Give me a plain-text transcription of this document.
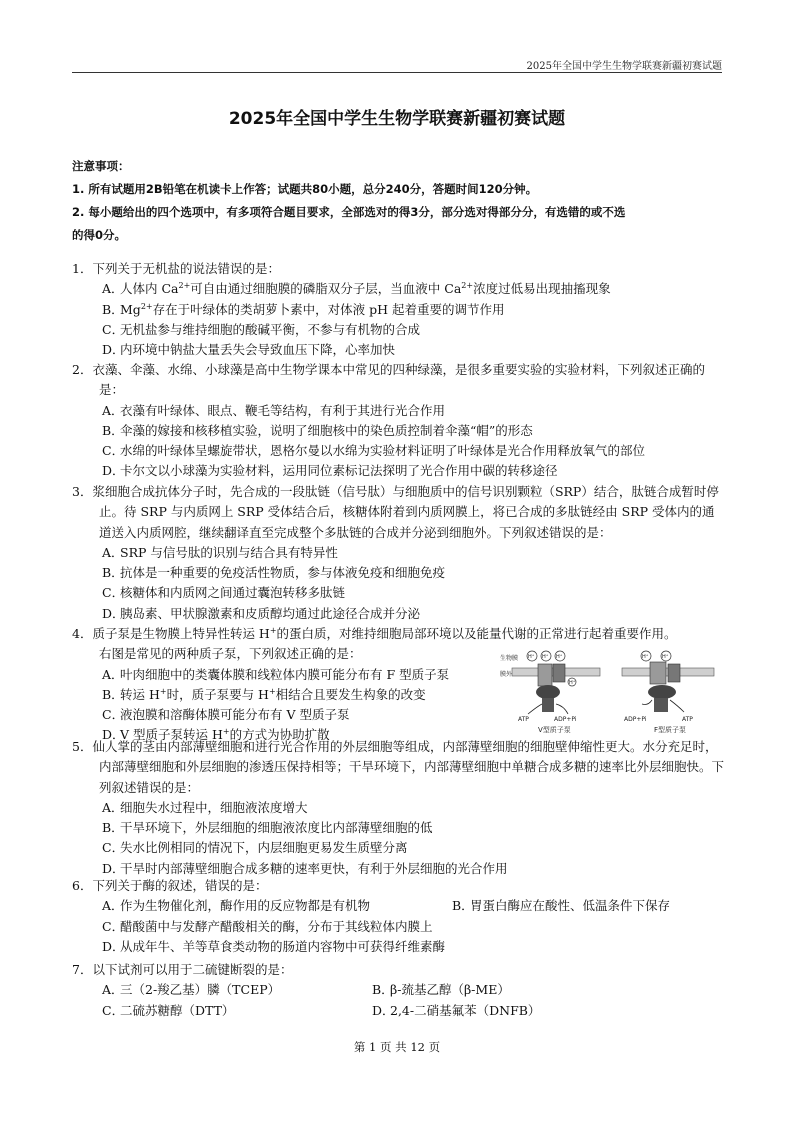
2025年全国中学生生物学联赛新疆初赛试题
2025年全国中学生生物学联赛新疆初赛试题
注意事项：
1. 所有试题用2B铅笔在机读卡上作答；试题共80小题，总分240分，答题时间120分钟。
2. 每小题给出的四个选项中，有多项符合题目要求，全部选对的得3分，部分选对得部分分，有选错的或不选
的得0分。
1．下列关于无机盐的说法错误的是：
A．人体内 $Ca^{2+}$可自由通过细胞膜的磷脂双分子层，当血液中 $Ca^{2+}$浓度过低易出现抽搐现象
B．$Mg^{2+}$存在于叶绿体的类胡萝卜素中，对体液 pH 起着重要的调节作用
C．无机盐参与维持细胞的酸碱平衡，不参与有机物的合成
D．内环境中钠盐大量丢失会导致血压下降，心率加快
2．衣藻、伞藻、水绵、小球藻是高中生物学课本中常见的四种绿藻，是很多重要实验的实验材料，下列叙述正确的是：
A．衣藻有叶绿体、眼点、鞭毛等结构，有利于其进行光合作用
B．伞藻的嫁接和核移植实验，说明了细胞核中的染色质控制着伞藻“帽”的形态
C．水绵的叶绿体呈螺旋带状，恩格尔曼以水绵为实验材料证明了叶绿体是光合作用释放氧气的部位
D．卡尔文以小球藻为实验材料，运用同位素标记法探明了光合作用中碳的转移途径
3．浆细胞合成抗体分子时，先合成的一段肽链（信号肽）与细胞质中的信号识别颗粒（SRP）结合，肽链合成暂时停止。待 SRP 与内质网上 SRP 受体结合后，核糖体附着到内质网膜上，将已合成的多肽链经由 SRP 受体内的通道送入内质网腔，继续翻译直至完成整个多肽链的合成并分泌到细胞外。下列叙述错误的是：
A．SRP 与信号肽的识别与结合具有特异性
B．抗体是一种重要的免疫活性物质，参与体液免疫和细胞免疫
C．核糖体和内质网之间通过囊泡转移多肽链
D．胰岛素、甲状腺激素和皮质醇均通过此途径合成并分泌
4．质子泵是生物膜上特异性转运 H+的蛋白质，对维持细胞局部环境以及能量代谢的正常进行起着重要作用。
右图是常见的两种质子泵，下列叙述正确的是：
A．叶肉细胞中的类囊体膜和线粒体内膜可能分布有 F 型质子泵
B．转运 H+时，质子泵要与 H+相结合且要发生构象的改变
C．液泡膜和溶酶体膜可能分布有 V 型质子泵
D．V 型质子泵转运 H+的方式为协助扩散
生物膜
膜外
H⁺ H⁺ H⁺
H⁺
ATP	ADP+Pi
V型质子泵
H⁺	H⁺
ADP+Pi	ATP
F型质子泵
5．仙人掌的茎由内部薄壁细胞和进行光合作用的外层细胞等组成，内部薄壁细胞的细胞壁伸缩性更大。水分充足时，内部薄壁细胞和外层细胞的渗透压保持相等；干旱环境下，内部薄壁细胞中单糖合成多糖的速率比外层细胞快。下列叙述错误的是：
A．细胞失水过程中，细胞液浓度增大
B．干旱环境下，外层细胞的细胞液浓度比内部薄壁细胞的低
C．失水比例相同的情况下，内层细胞更易发生质壁分离
D．干旱时内部薄壁细胞合成多糖的速率更快，有利于外层细胞的光合作用
6．下列关于酶的叙述，错误的是：
A．作为生物催化剂，酶作用的反应物都是有机物	B．胃蛋白酶应在酸性、低温条件下保存
C．醋酸菌中与发酵产醋酸相关的酶，分布于其线粒体内膜上
D．从成年牛、羊等草食类动物的肠道内容物中可获得纤维素酶
7．以下试剂可以用于二硫键断裂的是：
A．三（2-羧乙基）膦（TCEP）	B．β-巯基乙醇（β-ME）
C．二硫苏糖醇（DTT）	D．2,4-二硝基氟苯（DNFB）
第 1 页 共 12 页
